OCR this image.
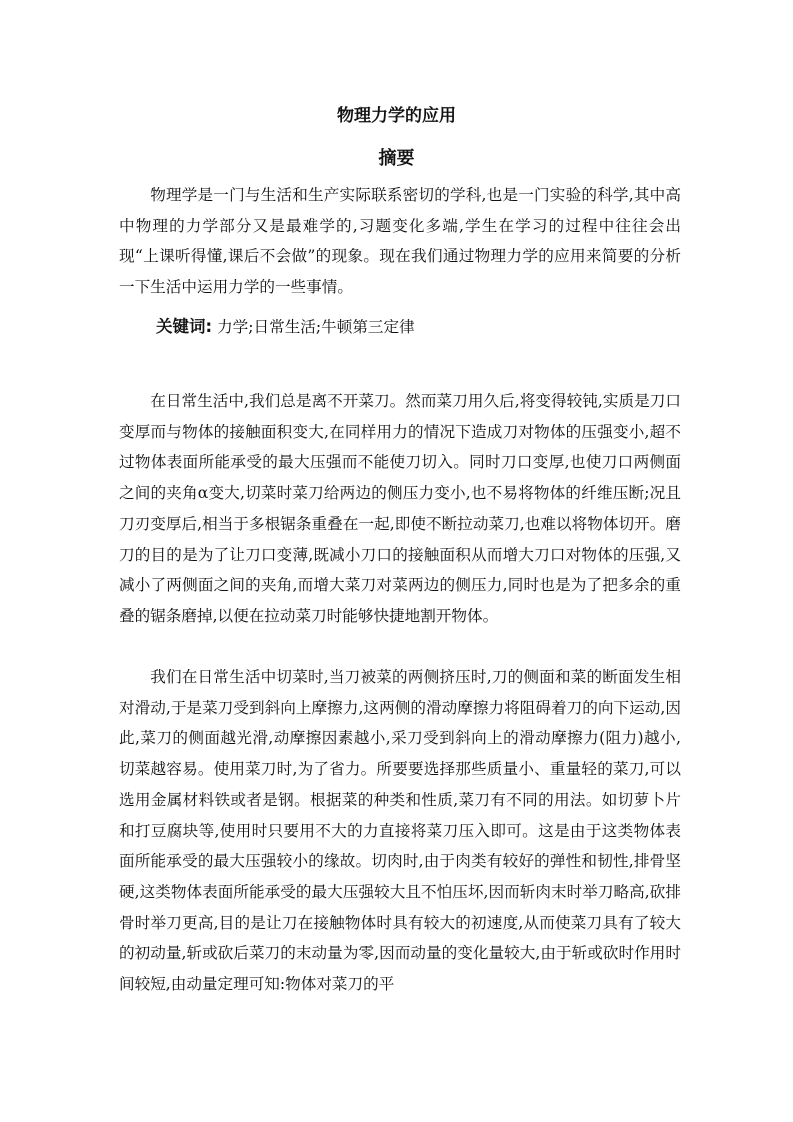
物理力学的应用
摘要

物理学是一门与生活和生产实际联系密切的学科,也是一门实验的科学,其中高中物理的力学部分又是最难学的,习题变化多端,学生在学习的过程中往往会出现“上课听得懂,课后不会做”的现象。现在我们通过物理力学的应用来简要的分析一下生活中运用力学的一些事情。

关键词: 力学;日常生活;牛顿第三定律

在日常生活中,我们总是离不开菜刀。然而菜刀用久后,将变得较钝,实质是刀口变厚而与物体的接触面积变大,在同样用力的情况下造成刀对物体的压强变小,超不过物体表面所能承受的最大压强而不能使刀切入。同时刀口变厚,也使刀口两侧面之间的夹角α变大,切菜时菜刀给两边的侧压力变小,也不易将物体的纤维压断;况且刀刃变厚后,相当于多根锯条重叠在一起,即使不断拉动菜刀,也难以将物体切开。磨刀的目的是为了让刀口变薄,既减小刀口的接触面积从而增大刀口对物体的压强,又减小了两侧面之间的夹角,而增大菜刀对菜两边的侧压力,同时也是为了把多余的重叠的锯条磨掉,以便在拉动菜刀时能够快捷地割开物体。

我们在日常生活中切菜时,当刀被菜的两侧挤压时,刀的侧面和菜的断面发生相对滑动,于是菜刀受到斜向上摩擦力,这两侧的滑动摩擦力将阻碍着刀的向下运动,因此,菜刀的侧面越光滑,动摩擦因素越小,采刀受到斜向上的滑动摩擦力(阻力)越小,切菜越容易。使用菜刀时,为了省力。所要要选择那些质量小、重量轻的菜刀,可以选用金属材料铁或者是钢。根据菜的种类和性质,菜刀有不同的用法。如切萝卜片和打豆腐块等,使用时只要用不大的力直接将菜刀压入即可。这是由于这类物体表面所能承受的最大压强较小的缘故。切肉时,由于肉类有较好的弹性和韧性,排骨坚硬,这类物体表面所能承受的最大压强较大且不怕压坏,因而斩肉末时举刀略高,砍排骨时举刀更高,目的是让刀在接触物体时具有较大的初速度,从而使菜刀具有了较大的初动量,斩或砍后菜刀的末动量为零,因而动量的变化量较大,由于斩或砍时作用时间较短,由动量定理可知:物体对菜刀的平
